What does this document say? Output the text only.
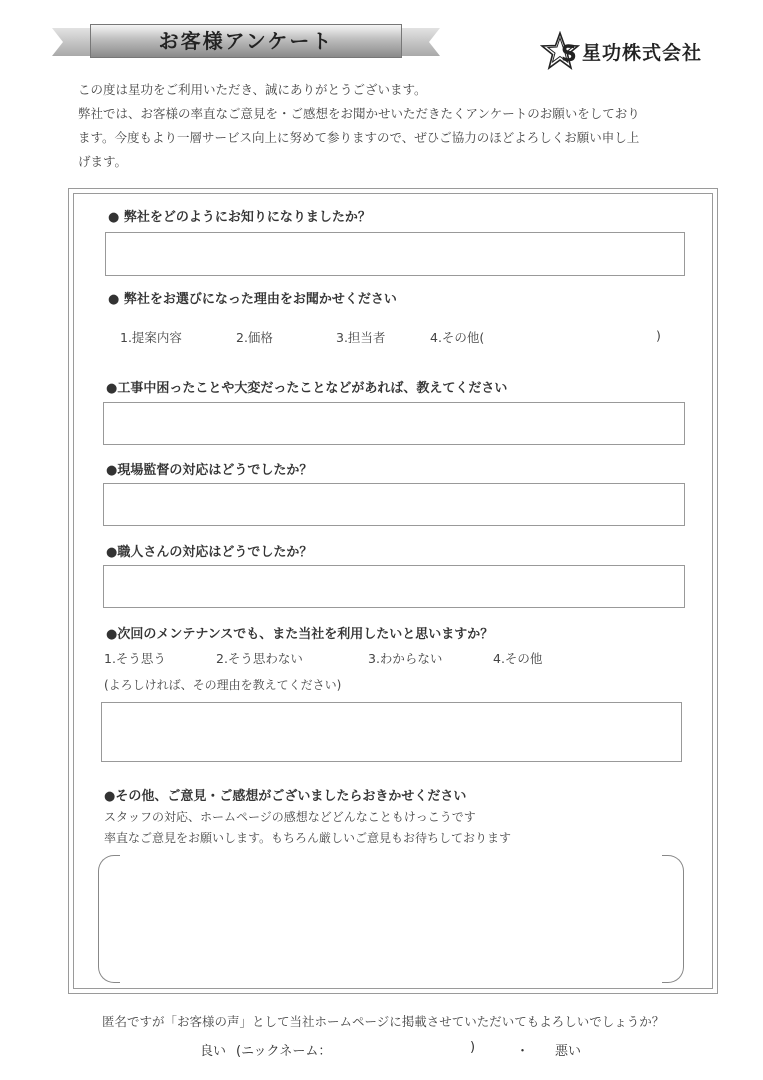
お客様アンケート
S 星功株式会社
この度は星功をご利用いただき、誠にありがとうございます。
弊社では、お客様の率直なご意見を・ご感想をお聞かせいただきたくアンケートのお願いをしており
ます。今度もより一層サービス向上に努めて参りますので、ぜひご協力のほどよろしくお願い申し上
げます。
● 弊社をどのようにお知りになりましたか？
● 弊社をお選びになった理由をお聞かせください
1.提案内容	2.価格	3.担当者	4.その他(	)
●工事中困ったことや大変だったことなどがあれば、教えてください
●現場監督の対応はどうでしたか？
●職人さんの対応はどうでしたか？
●次回のメンテナンスでも、また当社を利用したいと思いますか？
1.そう思う	2.そう思わない	3.わからない	4.その他
(よろしければ、その理由を教えてください)
●その他、ご意見・ご感想がございましたらおきかせください
スタッフの対応、ホームページの感想などどんなこともけっこうです
率直なご意見をお願いします。もちろん厳しいご意見もお待ちしております
匿名ですが「お客様の声」として当社ホームページに掲載させていただいてもよろしいでしょうか？
良い (ニックネーム：	)	・ 悪い
